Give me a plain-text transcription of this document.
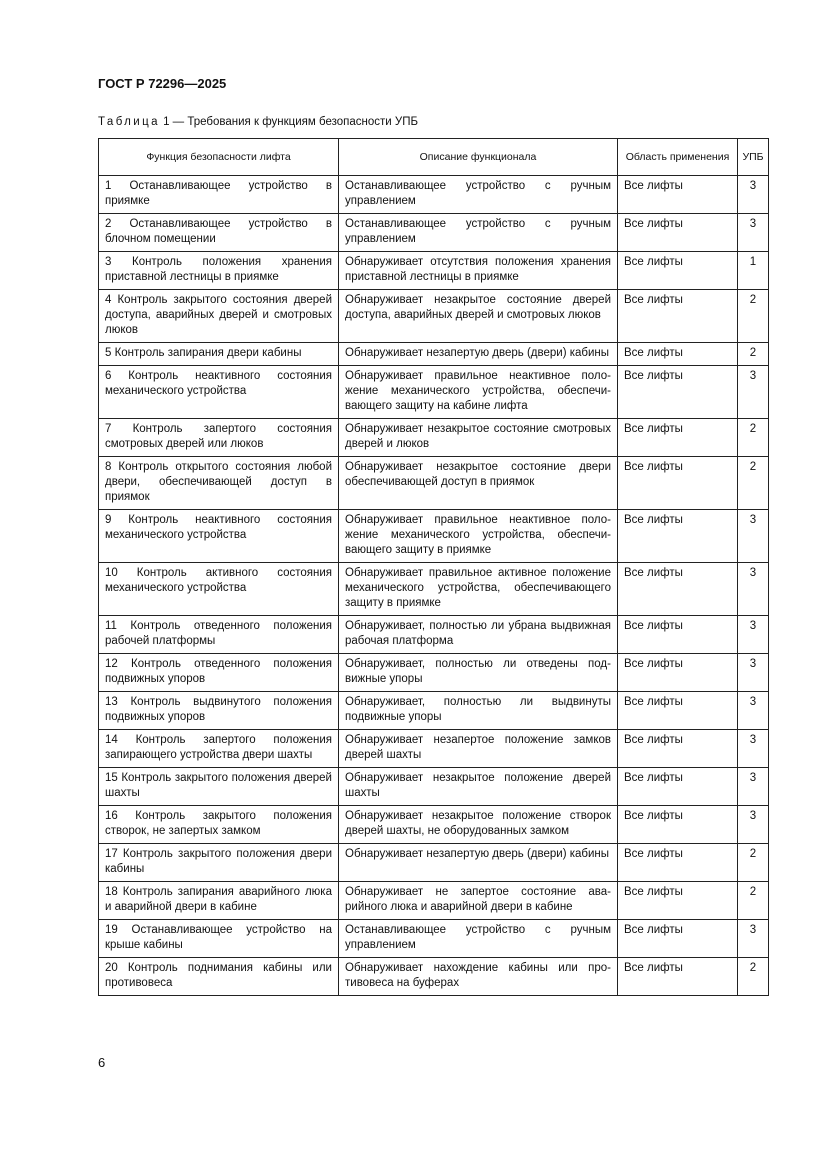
ГОСТ Р 72296—2025
Таблица 1 — Требования к функциям безопасности УПБ
Функция безопасности лифта	Описание функционала	Область применения	УПБ
1 Останавливающее устройство в приямке	Останавливающее устройство с ручным управлением	Все лифты	3
2 Останавливающее устройство в блочном помещении	Останавливающее устройство с ручным управлением	Все лифты	3
3 Контроль положения хранения приставной лестницы в приямке	Обнаруживает отсутствия положения хранения приставной лестницы в приямке	Все лифты	1
4 Контроль закрытого состояния дверей доступа, аварийных дверей и смотровых люков	Обнаруживает незакрытое состояние дверей доступа, аварийных дверей и смотровых люков	Все лифты	2
5 Контроль запирания двери кабины	Обнаруживает незапертую дверь (двери) кабины	Все лифты	2
6 Контроль неактивного состояния механического устройства	Обнаруживает правильное неактивное положение механического устройства, обеспечивающего защиту на кабине лифта	Все лифты	3
7 Контроль запертого состояния смотровых дверей или люков	Обнаруживает незакрытое состояние смотровых дверей и люков	Все лифты	2
8 Контроль открытого состояния любой двери, обеспечивающей доступ в приямок	Обнаруживает незакрытое состояние двери обеспечивающей доступ в приямок	Все лифты	2
9 Контроль неактивного состояния механического устройства	Обнаруживает правильное неактивное положение механического устройства, обеспечивающего защиту в приямке	Все лифты	3
10 Контроль активного состояния механического устройства	Обнаруживает правильное активное положение механического устройства, обеспечивающего защиту в приямке	Все лифты	3
11 Контроль отведенного положения рабочей платформы	Обнаруживает, полностью ли убрана выдвижная рабочая платформа	Все лифты	3
12 Контроль отведенного положения подвижных упоров	Обнаруживает, полностью ли отведены подвижные упоры	Все лифты	3
13 Контроль выдвинутого положения подвижных упоров	Обнаруживает, полностью ли выдвинуты подвижные упоры	Все лифты	3
14 Контроль запертого положения запирающего устройства двери шахты	Обнаруживает незапертое положение замков дверей шахты	Все лифты	3
15 Контроль закрытого положения дверей шахты	Обнаруживает незакрытое положение дверей шахты	Все лифты	3
16 Контроль закрытого положения створок, не запертых замком	Обнаруживает незакрытое положение створок дверей шахты, не оборудованных замком	Все лифты	3
17 Контроль закрытого положения двери кабины	Обнаруживает незапертую дверь (двери) кабины	Все лифты	2
18 Контроль запирания аварийного люка и аварийной двери в кабине	Обнаруживает не запертое состояние аварийного люка и аварийной двери в кабине	Все лифты	2
19 Останавливающее устройство на крыше кабины	Останавливающее устройство с ручным управлением	Все лифты	3
20 Контроль поднимания кабины или противовеса	Обнаруживает нахождение кабины или противовеса на буферах	Все лифты	2
6
